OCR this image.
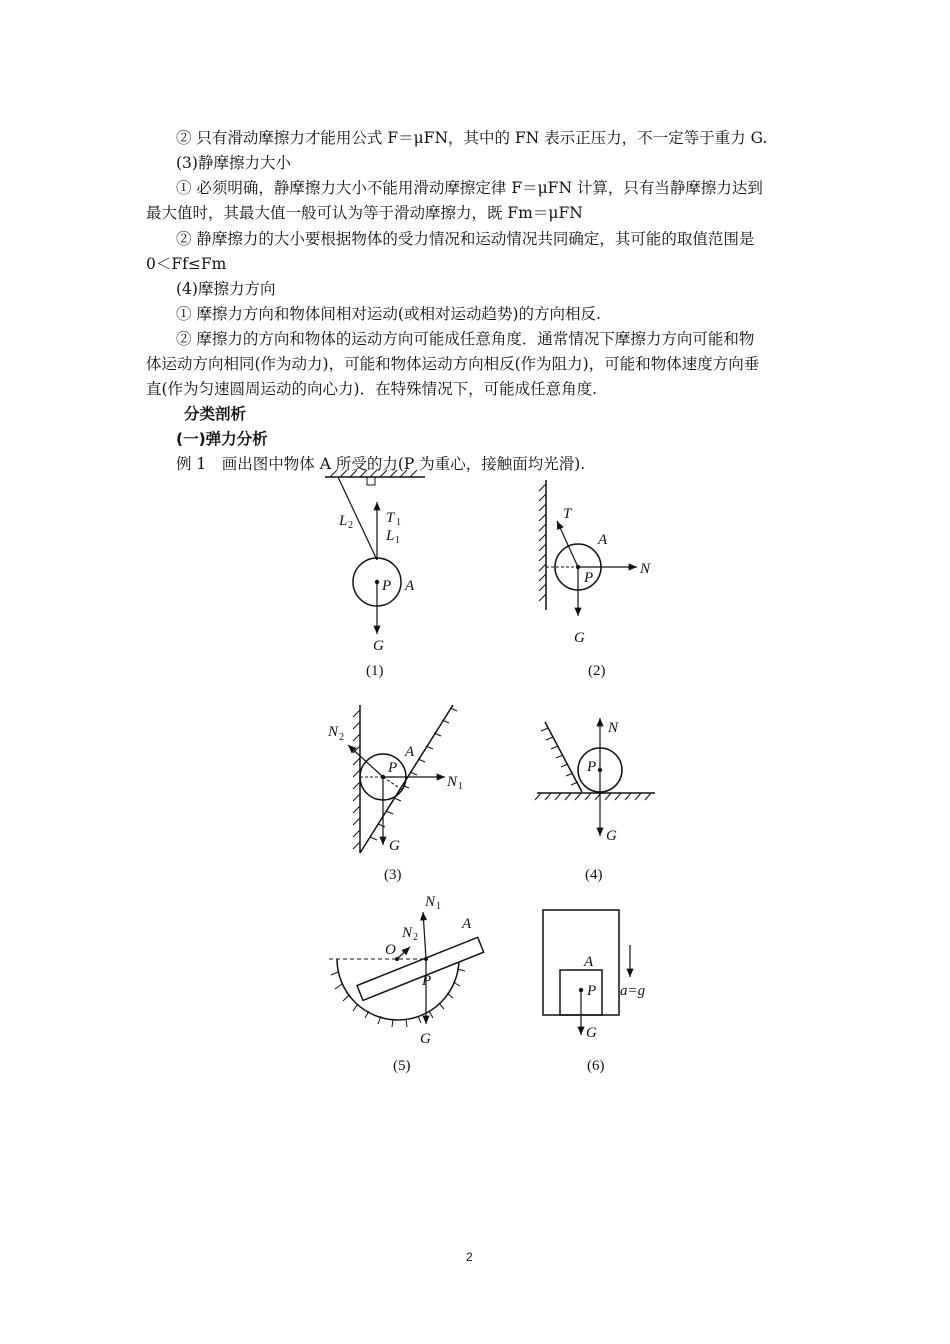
② 只有滑动摩擦力才能用公式 F＝μFN，其中的 FN 表示正压力，不一定等于重力 G.
(3)静摩擦力大小
① 必须明确，静摩擦力大小不能用滑动摩擦定律 F＝μFN 计算，只有当静摩擦力达到
最大值时，其最大值一般可认为等于滑动摩擦力，既 Fm＝μFN
② 静摩擦力的大小要根据物体的受力情况和运动情况共同确定，其可能的取值范围是
0＜Ff≤Fm
(4)摩擦力方向
① 摩擦力方向和物体间相对运动(或相对运动趋势)的方向相反.
② 摩擦力的方向和物体的运动方向可能成任意角度．通常情况下摩擦力方向可能和物
体运动方向相同(作为动力)，可能和物体运动方向相反(作为阻力)，可能和物体速度方向垂
直(作为匀速圆周运动的向心力)．在特殊情况下，可能成任意角度.
分类剖析
(一)弹力分析
例 1　画出图中物体 A 所受的力(P 为重心，接触面均光滑).
L 2 T 1
L 1
P A
G
(1)
T
A
P
N
G
(2)
N 2
A
P
N 1
G
(3)
N
P
G
(4)
N 1
A
N 2
O
P
G
(5)
A
P a=g
G
(6)
2
